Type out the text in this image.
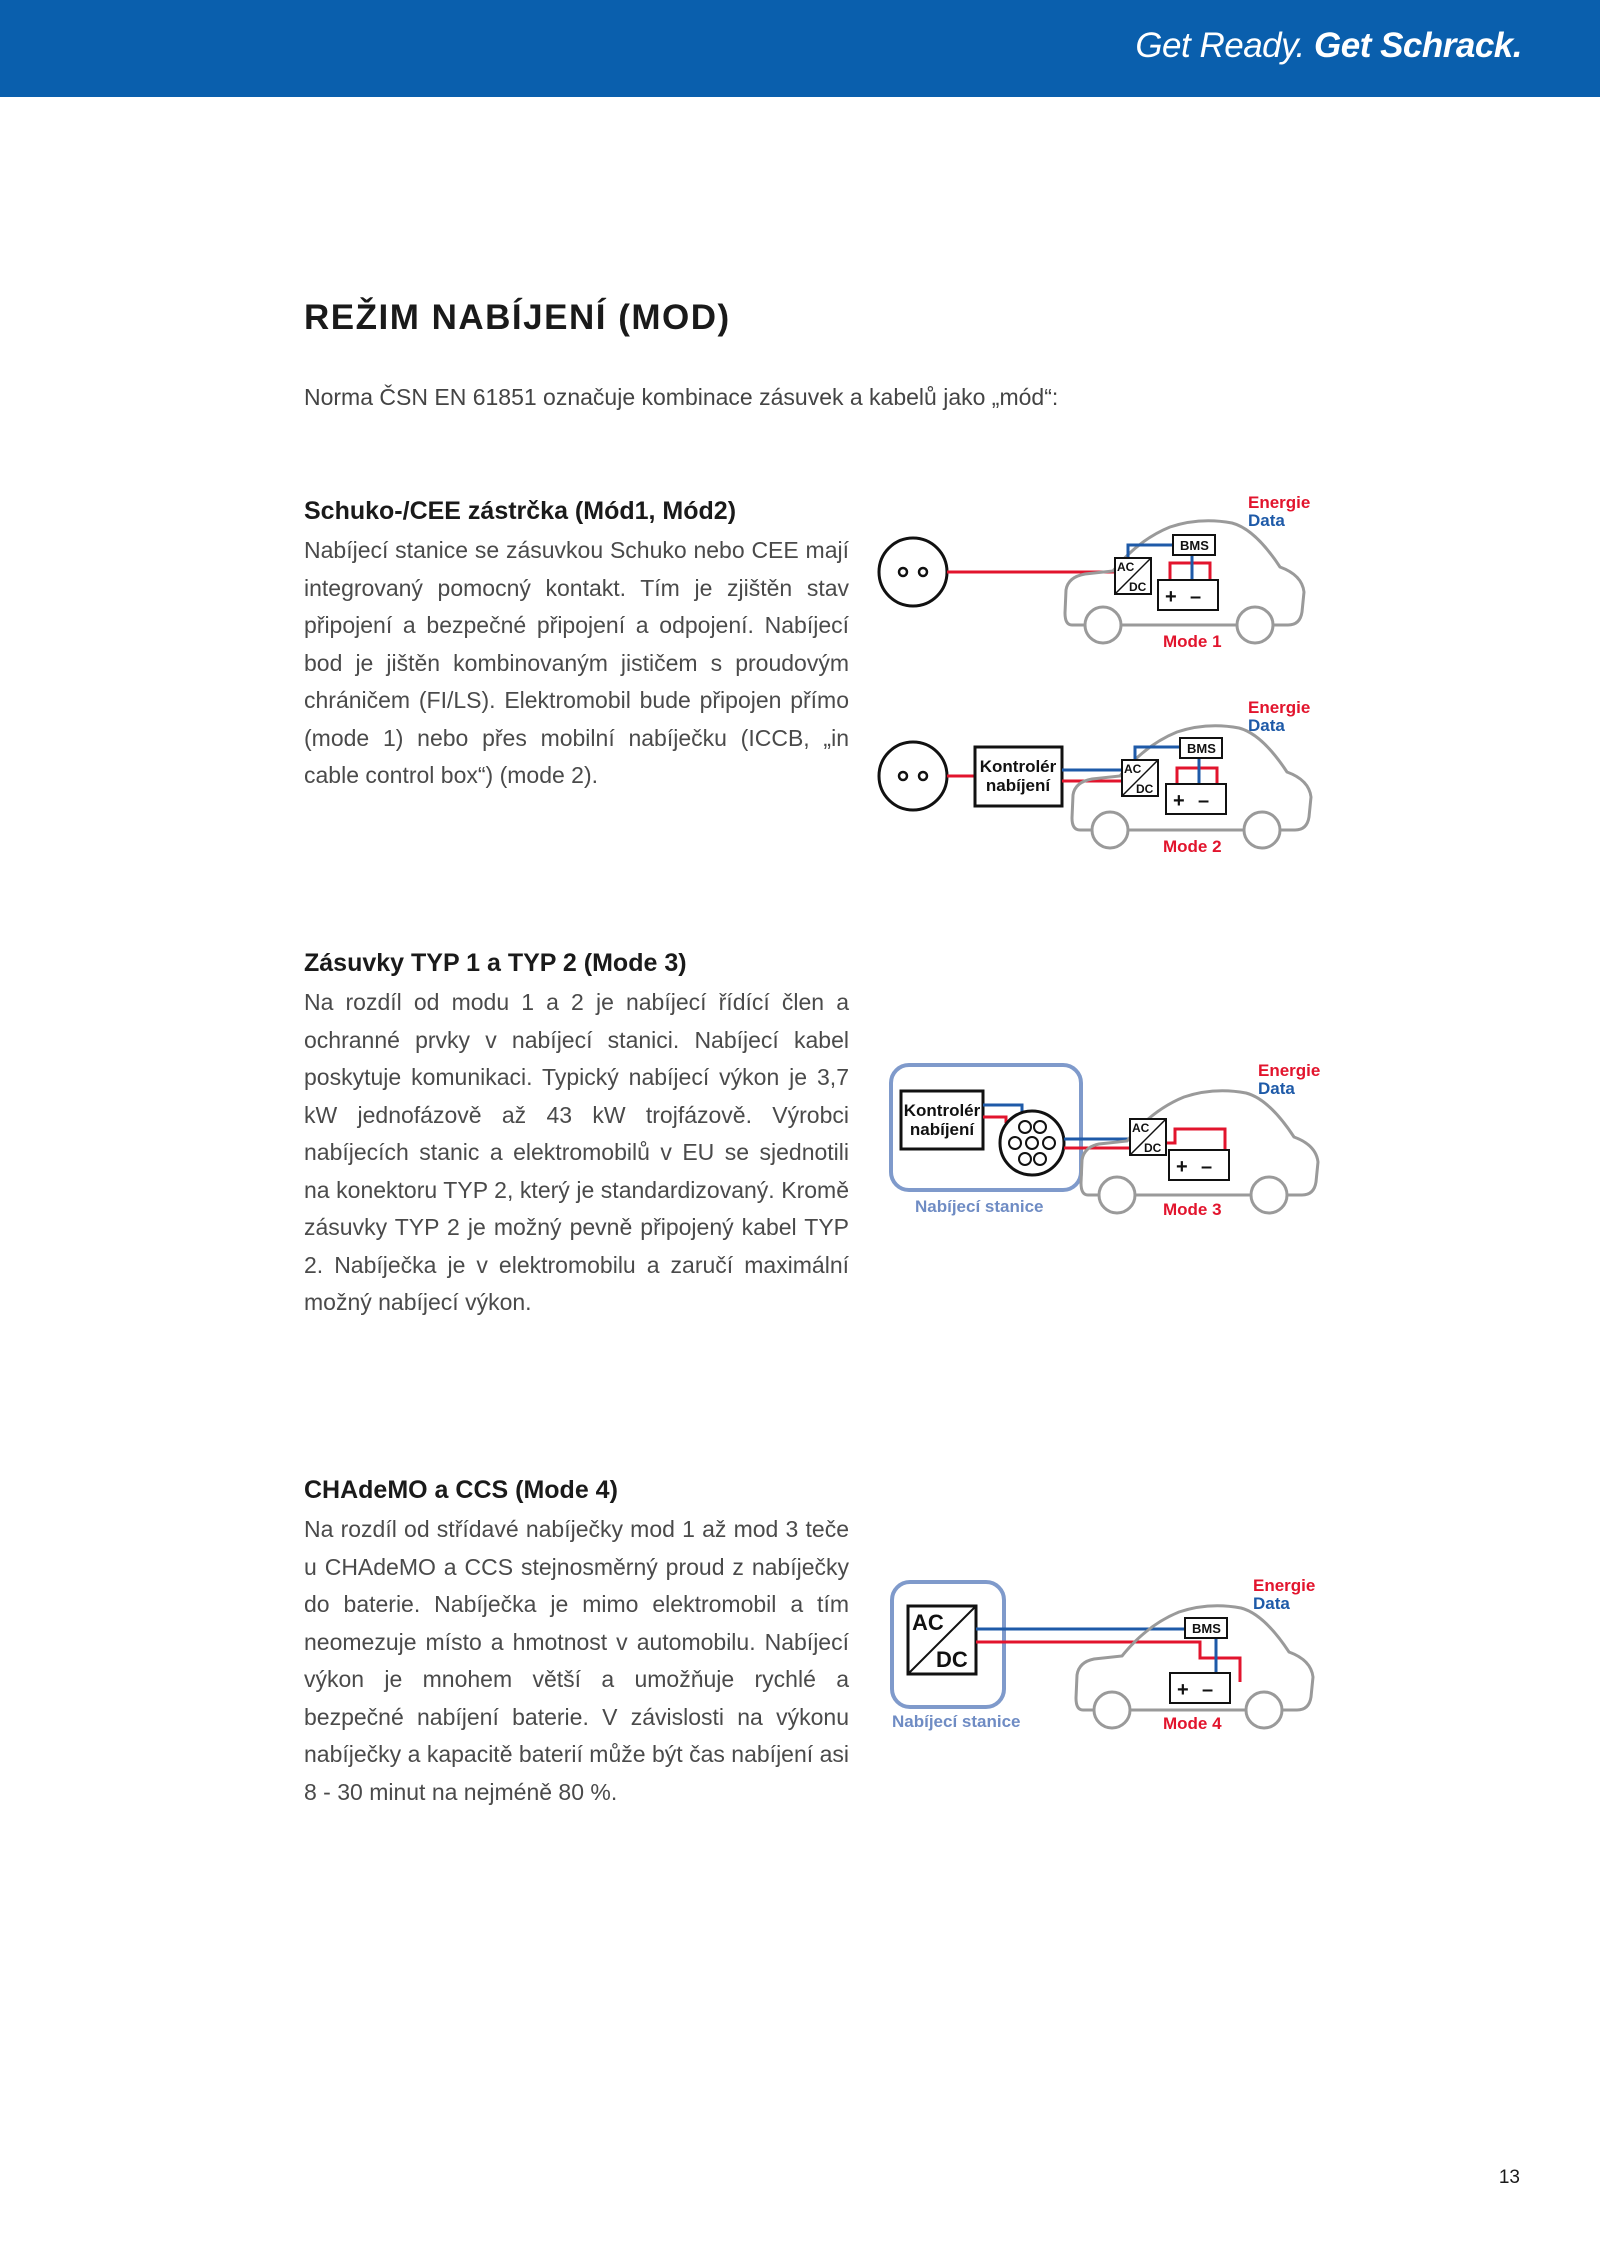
Get Ready. Get Schrack.
REŽIM NABÍJENÍ (MOD)

Norma ČSN EN 61851 označuje kombinace zásuvek a kabelů jako „mód“:

Schuko-/CEE zástrčka (Mód1, Mód2)

Nabíjecí stanice se zásuvkou Schuko nebo CEE mají integrovaný pomocný kontakt. Tím je zjištěn stav připojení a bezpečné připojení a odpojení. Nabíjecí bod je jištěn kombinovaným jističem s proudovým chráničem (FI/LS). Elektromobil bude připojen přímo (mode 1) nebo přes mobilní nabíječku (ICCB, „in cable control box“) (mode 2).

Zásuvky TYP 1 a TYP 2 (Mode 3)

Na rozdíl od modu 1 a 2 je nabíjecí řídící člen a ochranné prvky v nabíjecí stanici. Nabíjecí kabel poskytuje komunikaci. Typický nabíjecí výkon je 3,7 kW jednofázově až 43 kW trojfázově. Výrobci nabíjecích stanic a elektromobilů v EU se sjednotili na konektoru TYP 2, který je standardizovaný. Kromě zásuvky TYP 2 je možný pevně připojený kabel TYP 2. Nabíječka je v elektromobilu a zaručí maximální možný nabíjecí výkon.

CHAdeMO a CCS (Mode 4)

Na rozdíl od střídavé nabíječky mod 1 až mod 3 teče u CHAdeMO a CCS stejnosměrný proud z nabíječky do baterie. Nabíječka je mimo elektromobil a tím neomezuje místo a hmotnost v automobilu. Nabíjecí výkon je mnohem větší a umožňuje rychlé a bezpečné nabíjení baterie. V závislosti na výkonu nabíječky a kapacitě baterií může být čas nabíjení asi 8 - 30 minut na nejméně 80 %.

Energie
Data
AC
DC
BMS
+ –
Mode 1
Energie
Data
Kontrolér
nabíjení
AC
DC
BMS
+ –
Mode 2
Energie
Data
Kontrolér
nabíjení	AC
DC
+ –
Nabíjecí stanice	Mode 3
Energie
Data
AC
DC
BMS
+ –
Nabíjecí stanice	Mode 4
13
